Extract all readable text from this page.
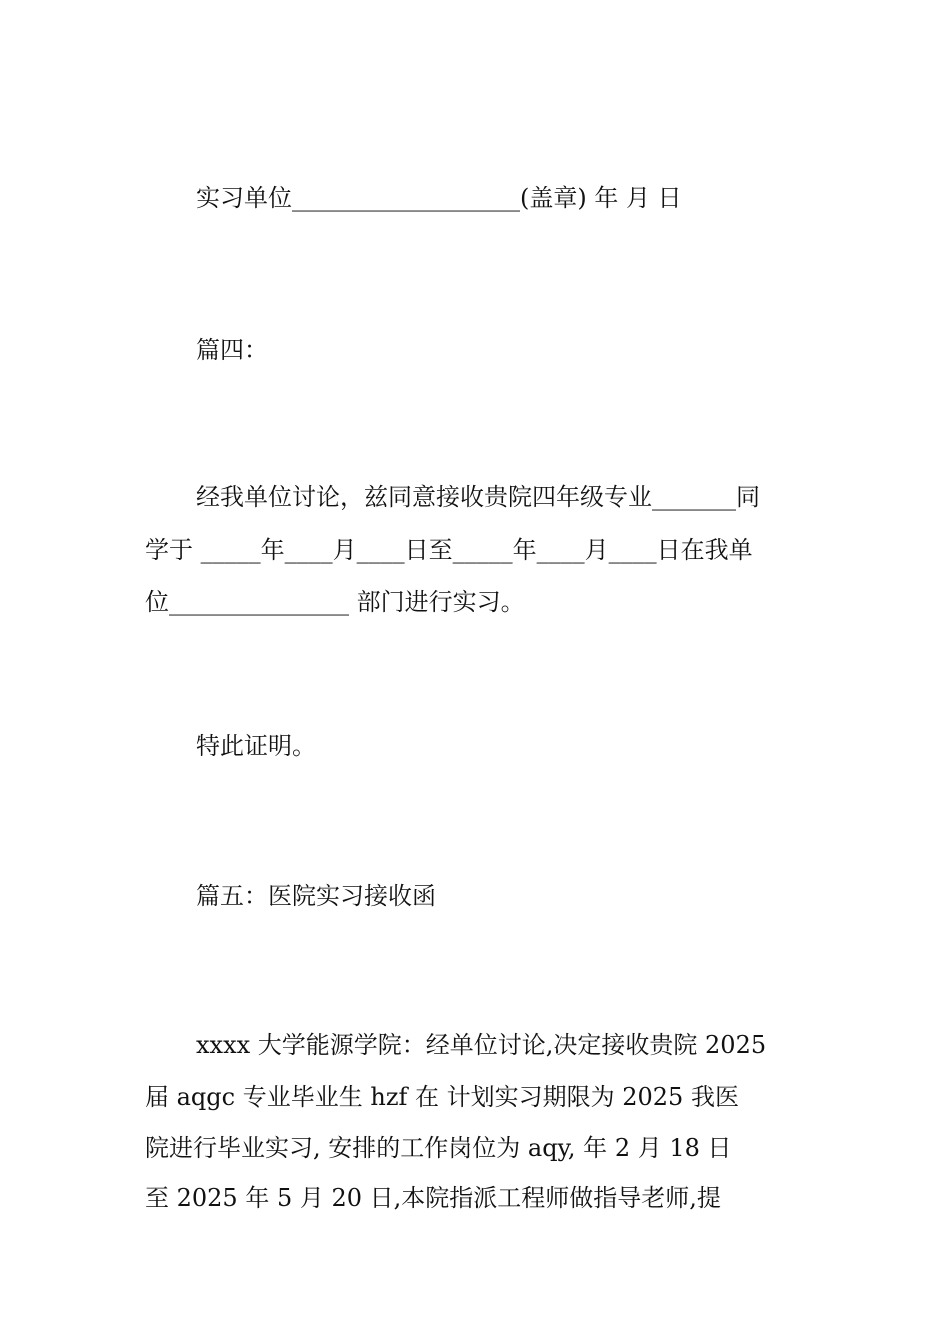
实习单位___________________(盖章) 年 月 日
篇四：
经我单位讨论，兹同意接收贵院四年级专业_______同
学于 _____年____月____日至_____年____月____日在我单
位_______________ 部门进行实习。
特此证明。
篇五：医院实习接收函
xxxx 大学能源学院：经单位讨论,决定接收贵院 2025
届 aqgc 专业毕业生 hzf 在 计划实习期限为 2025 我医
院进行毕业实习, 安排的工作岗位为 aqy, 年 2 月 18 日
至 2025 年 5 月 20 日,本院指派工程师做指导老师,提
